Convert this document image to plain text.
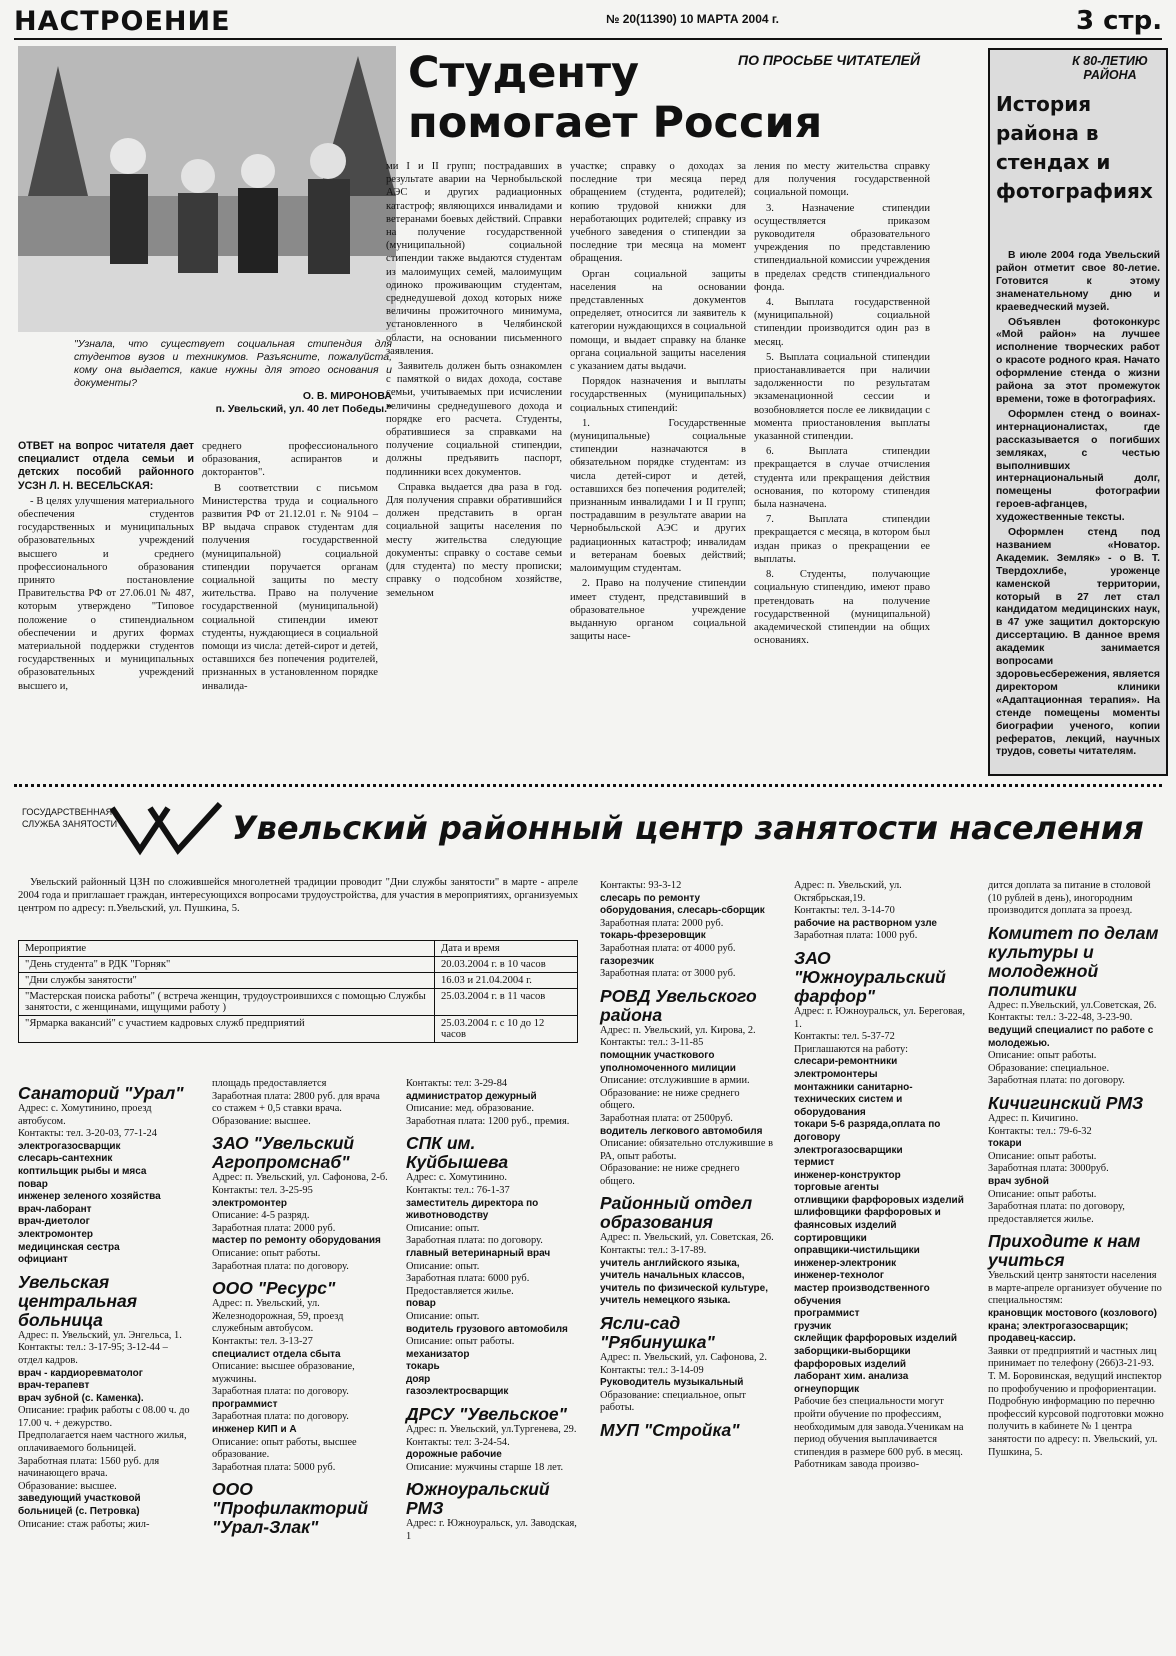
НАСТРОЕНИЕ	№ 20(11390) 10 МАРТА 2004 г.	3 стр.
"Узнала, что существует социальная стипендия для студентов вузов и техникумов. Разъясните, пожалуйста, кому она выдается, какие нужны для этого основания и документы?
О. В. МИРОНОВА
п. Увельский, ул. 40 лет Победы."
ПО ПРОСЬБЕ ЧИТАТЕЛЕЙ
Студенту
помогает Россия

ОТВЕТ на вопрос читателя дает специалист отдела семьи и детских пособий районного УСЗН Л. Н. ВЕСЕЛЬСКАЯ:

- В целях улучшения материального обеспечения студентов государственных и муниципальных образовательных учреждений высшего и среднего профессионального образования принято постановление Правительства РФ от 27.06.01 № 487, которым утверждено "Типовое положение о стипендиальном обеспечении и других формах материальной поддержки студентов государственных и муниципальных образовательных учреждений высшего и,

среднего профессионального образования, аспирантов и докторантов".

В соответствии с письмом Министерства труда и социального развития РФ от 21.12.01 г. № 9104 – ВР выдача справок студентам для получения государственной (муниципальной) социальной стипендии поручается органам социальной защиты по месту жительства. Право на получение государственной (муниципальной) социальной стипендии имеют студенты, нуждающиеся в социальной помощи из числа: детей-сирот и детей, оставшихся без попечения родителей, признанных в установленном порядке инвалида-

ми I и II групп; пострадавших в результате аварии на Чернобыльской АЭС и других радиационных катастроф; являющихся инвалидами и ветеранами боевых действий. Справки на получение государственной (муниципальной) социальной стипендии также выдаются студентам из малоимущих семей, малоимущим одиноко проживающим студентам, среднедушевой доход которых ниже величины прожиточного минимума, установленного в Челябинской области, на основании письменного заявления.

Заявитель должен быть ознакомлен с памяткой о видах дохода, составе семьи, учитываемых при исчислении величины среднедушевого дохода и порядке его расчета. Студенты, обратившиеся за справками на получение социальной стипендии, должны предъявить паспорт, подлинники всех документов.

Справка выдается два раза в год. Для получения справки обратившийся должен представить в орган социальной защиты населения по месту жительства следующие документы: справку о составе семьи (для студента) по месту прописки; справку о подсобном хозяйстве, земельном

участке; справку о доходах за последние три месяца перед обращением (студента, родителей); копию трудовой книжки для неработающих родителей; справку из учебного заведения о стипендии за последние три месяца на момент обращения.

Орган социальной защиты населения на основании представленных документов определяет, относится ли заявитель к категории нуждающихся в социальной помощи, и выдает справку на бланке органа социальной защиты населения с указанием даты выдачи.

Порядок назначения и выплаты государственных (муниципальных) социальных стипендий:

1. Государственные (муниципальные) социальные стипендии назначаются в обязательном порядке студентам: из числа детей-сирот и детей, оставшихся без попечения родителей; признанным инвалидами I и II групп; пострадавшим в результате аварии на Чернобыльской АЭС и других радиационных катастроф; инвалидам и ветеранам боевых действий; малоимущим студентам.

2. Право на получение стипендии имеет студент, представивший в образовательное учреждение выданную органом социальной защиты насе-

ления по месту жительства справку для получения государственной социальной помощи.

3. Назначение стипендии осуществляется приказом руководителя образовательного учреждения по представлению стипендиальной комиссии учреждения в пределах средств стипендиального фонда.

4. Выплата государственной (муниципальной) социальной стипендии производится один раз в месяц.

5. Выплата социальной стипендии приостанавливается при наличии задолженности по результатам экзаменационной сессии и возобновляется после ее ликвидации с момента приостановления выплаты указанной стипендии.

6. Выплата стипендии прекращается в случае отчисления студента или прекращения действия основания, по которому стипендия была назначена.

7. Выплата стипендии прекращается с месяца, в котором был издан приказ о прекращении ее выплаты.

8. Студенты, получающие социальную стипендию, имеют право претендовать на получение государственной (муниципальной) академической стипендии на общих основаниях.

К 80-ЛЕТИЮ РАЙОНА
История района в стендах и фотографиях

В июле 2004 года Увельский район отметит свое 80-летие. Готовится к этому знаменательному дню и краеведческий музей.

Объявлен фотоконкурс «Мой район» на лучшее исполнение творческих работ о красоте родного края. Начато оформление стенда о жизни района за этот промежуток времени, тоже в фотографиях.

Оформлен стенд о воинах-интернационалистах, где рассказывается о погибших земляках, с честью выполнивших интернациональный долг, помещены фотографии героев-афганцев, художественные тексты.

Оформлен стенд под названием «Новатор. Академик. Земляк» - о В. Т. Твердохлибе, уроженце каменской территории, который в 27 лет стал кандидатом медицинских наук, в 47 уже защитил докторскую диссертацию. В данное время академик занимается вопросами здоровьесбережения, является директором клиники «Адаптационная терапия». На стенде помещены моменты биографии ученого, копии рефератов, лекций, научных трудов, советы читателям.

ГОСУДАРСТВЕННАЯ СЛУЖБА ЗАНЯТОСТИ	Увельский районный центр занятости населения

Увельский районный ЦЗН по сложившейся многолетней традиции проводит "Дни службы занятости" в марте - апреле 2004 года и приглашает граждан, интересующихся вопросами трудоустройства, для участия в мероприятиях, организуемых центром по адресу: п.Увельский, ул. Пушкина, 5.

Мероприятие	Дата и время
"День студента" в РДК "Горняк"	20.03.2004 г. в 10 часов
"Дни службы занятости"	16.03 и 21.04.2004 г.
"Мастерская поиска работы" ( встреча женщин, трудоустроившихся с помощью Службы занятости, с женщинами, ищущими работу )	25.03.2004 г. в 11 часов
"Ярмарка вакансий" с участием кадровых служб предприятий	25.03.2004 г. с 10 до 12 часов

Санаторий "Урал"

Адрес: с. Хомутинино, проезд автобусом.

Контакты: тел. 3-20-03, 77-1-24

электрогазосварщик

слесарь-сантехник

коптильщик рыбы и мяса

повар

инженер зеленого хозяйства

врач-лаборант

врач-диетолог

электромонтер

медицинская сестра

официант

Увельская центральная больница

Адрес: п. Увельский, ул. Энгельса, 1. Контакты: тел.: 3-17-95; 3-12-44 – отдел кадров.

врач - кардиоревматолог

врач-терапевт

врач зубной (с. Каменка).

Описание: график работы с 08.00 ч. до 17.00 ч. + дежурство.

Предполагается наем частного жилья, оплачиваемого больницей.

Заработная плата: 1560 руб. для начинающего врача.

Образование: высшее.

заведующий участковой больницей (с. Петровка)

Описание: стаж работы; жил-

площадь предоставляется

Заработная плата: 2800 руб. для врача со стажем + 0,5 ставки врача.

Образование: высшее.

ЗАО "Увельский Агропромснаб"

Адрес: п. Увельский, ул. Сафонова, 2-б.

Контакты: тел. 3-25-95

электромонтер

Описание: 4-5 разряд.

Заработная плата: 2000 руб.

мастер по ремонту оборудования

Описание: опыт работы.

Заработная плата: по договору.

ООО "Ресурс"

Адрес: п. Увельский, ул. Железнодорожная, 59, проезд служебным автобусом.

Контакты: тел. 3-13-27

специалист отдела сбыта

Описание: высшее образование, мужчины.

Заработная плата: по договору.

программист

Заработная плата: по договору.

инженер КИП и А

Описание: опыт работы, высшее образование.

Заработная плата: 5000 руб.

ООО "Профилакторий "Урал-Злак"

Контакты: тел: 3-29-84

администратор дежурный

Описание: мед. образование.

Заработная плата: 1200 руб., премия.

СПК им. Куйбышева

Адрес: с. Хомутинино.

Контакты: тел.: 76-1-37

заместитель директора по животноводству

Описание: опыт.

Заработная плата: по договору.

главный ветеринарный врач

Описание: опыт.

Заработная плата: 6000 руб.

Предоставляется жилье.

повар

Описание: опыт.

водитель грузового автомобиля

Описание: опыт работы.

механизатор

токарь

дояр

газоэлектросварщик

ДРСУ "Увельское"

Адрес: п. Увельский, ул.Тургенева, 29.

Контакты: тел: 3-24-54.

дорожные рабочие

Описание: мужчины старше 18 лет.

Южноуральский РМЗ

Адрес: г. Южноуральск, ул. Заводская, 1

Контакты: 93-3-12

слесарь по ремонту оборудования, слесарь-сборщик

Заработная плата: 2000 руб.

токарь-фрезеровщик

Заработная плата: от 4000 руб.

газорезчик

Заработная плата: от 3000 руб.

РОВД Увельского района

Адрес: п. Увельский, ул. Кирова, 2.

Контакты: тел.: 3-11-85

помощник участкового уполномоченного милиции

Описание: отслужившие в армии.

Образование: не ниже среднего общего.

Заработная плата: от 2500руб.

водитель легкового автомобиля

Описание: обязательно отслужившие в РА, опыт работы.

Образование: не ниже среднего общего.

Районный отдел образования

Адрес: п. Увельский, ул. Советская, 26.

Контакты: тел.: 3-17-89.

учитель английского языка, учитель начальных классов, учитель по физической культуре, учитель немецкого языка.

Ясли-сад "Рябинушка"

Адрес: п. Увельский, ул. Сафонова, 2.

Контакты: тел.: 3-14-09

Руководитель музыкальный

Образование: специальное, опыт работы.

МУП "Стройка"

Адрес: п. Увельский, ул. Октябрьская,19.

Контакты: тел. 3-14-70

рабочие на растворном узле

Заработная плата: 1000 руб.

ЗАО "Южноуральский фарфор"

Адрес: г. Южноуральск, ул. Береговая, 1.

Контакты: тел. 5-37-72

Приглашаются на работу:

слесари-ремонтники

электромонтеры

монтажники санитарно-технических систем и оборудования

токари 5-6 разряда,оплата по договору

электрогазосварщики

термист

инженер-конструктор

торговые агенты

отливщики фарфоровых изделий

шлифовщики фарфоровых и фаянсовых изделий

сортировщики

оправщики-чистильщики

инженер-электроник

инженер-технолог

мастер производственного обучения

программист

грузчик

склейщик фарфоровых изделий

заборщики-выборщики фарфоровых изделий

лаборант хим. анализа

огнеупорщик

Рабочие без специальности могут пройти обучение по профессиям, необходимым для завода.Ученикам на период обучения выплачивается стипендия в размере 600 руб. в месяц.

Работникам завода произво-

дится доплата за питание в столовой (10 рублей в день), иногородним производится доплата за проезд.

Комитет по делам культуры и молодежной политики

Адрес: п.Увельский, ул.Советская, 26.

Контакты: тел.: 3-22-48, 3-23-90.

ведущий специалист по работе с молодежью.

Описание: опыт работы.

Образование: специальное.

Заработная плата: по договору.

Кичигинский РМЗ

Адрес: п. Кичигино.

Контакты: тел.: 79-6-32

токари

Описание: опыт работы.

Заработная плата: 3000руб.

врач зубной

Описание: опыт работы.

Заработная плата: по договору, предоставляется жилье.

Приходите к нам учиться

Увельский центр занятости населения в марте-апреле организует обучение по специальностям:

крановщик мостового (козлового) крана; электрогазосварщик; продавец-кассир.

Заявки от предприятий и частных лиц принимает по телефону (266)3-21-93. Т. М. Боровинская, ведущий инспектор по профобучению и профориентации.

Подробную информацию по перечню профессий курсовой подготовки можно получить в кабинете № 1 центра занятости по адресу: п. Увельский, ул. Пушкина, 5.
